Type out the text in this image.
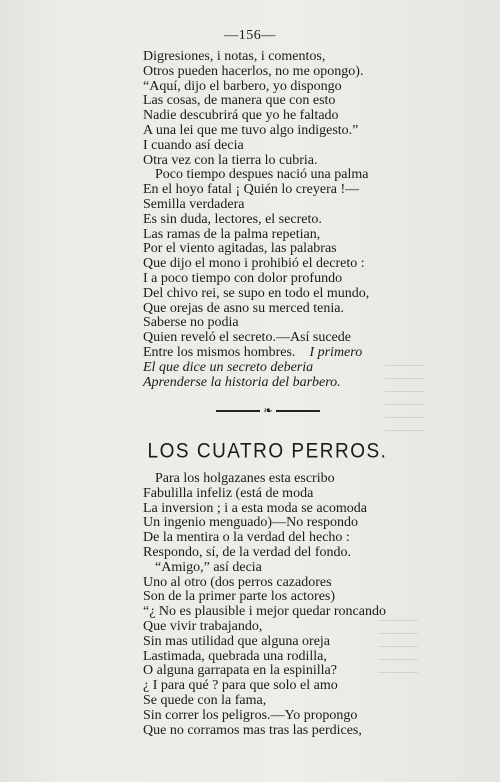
—156—
Digresiones, i notas, i comentos,
Otros pueden hacerlos, no me opongo).
“Aquí, dijo el barbero, yo dispongo
Las cosas, de manera que con esto
Nadie descubrirá que yo he faltado
A una lei que me tuvo algo indigesto.”
I cuando así decia
Otra vez con la tierra lo cubria.
Poco tiempo despues nació una palma
En el hoyo fatal ¡ Quién lo creyera !—
Semilla verdadera
Es sin duda, lectores, el secreto.
Las ramas de la palma repetian,
Por el viento agitadas, las palabras
Que dijo el mono i prohibió el decreto :
I a poco tiempo con dolor profundo
Del chivo rei, se supo en todo el mundo,
Que orejas de asno su merced tenia.
Saberse no podia
Quien reveló el secreto.—Así sucede
Entre los mismos hombres. I primero
El que dice un secreto deberia
Aprenderse la historia del barbero.
❧
LOS CUATRO PERROS.
Para los holgazanes esta escribo
Fabulilla infeliz (está de moda
La inversion ; i a esta moda se acomoda
Un ingenio menguado)—No respondo
De la mentira o la verdad del hecho :
Respondo, sí, de la verdad del fondo.
“Amigo,” así decia
Uno al otro (dos perros cazadores
Son de la primer parte los actores)
“¿ No es plausible i mejor quedar roncando
Que vivir trabajando,
Sin mas utilidad que alguna oreja
Lastimada, quebrada una rodilla,
O alguna garrapata en la espinilla?
¿ I para qué ? para que solo el amo
Se quede con la fama,
Sin correr los peligros.—Yo propongo
Que no corramos mas tras las perdices,
